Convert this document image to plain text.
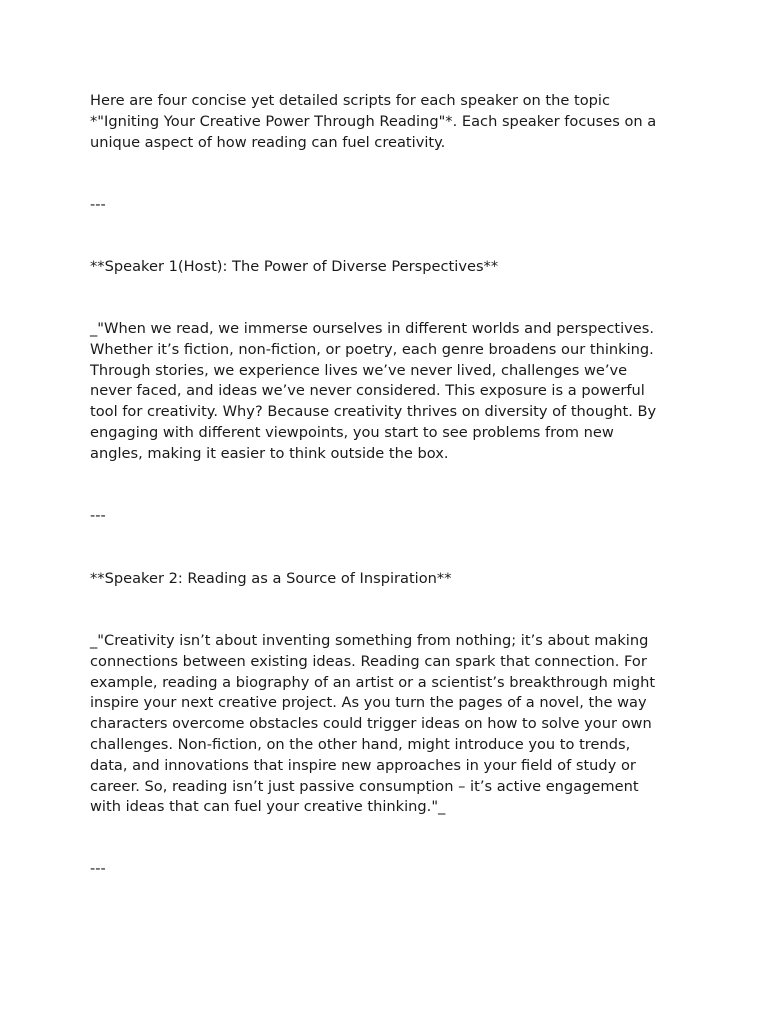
Here are four concise yet detailed scripts for each speaker on the topic
*"Igniting Your Creative Power Through Reading"*. Each speaker focuses on a
unique aspect of how reading can fuel creativity.
---
**Speaker 1(Host): The Power of Diverse Perspectives**
_"When we read, we immerse ourselves in different worlds and perspectives.
Whether it’s fiction, non-fiction, or poetry, each genre broadens our thinking.
Through stories, we experience lives we’ve never lived, challenges we’ve
never faced, and ideas we’ve never considered. This exposure is a powerful
tool for creativity. Why? Because creativity thrives on diversity of thought. By
engaging with different viewpoints, you start to see problems from new
angles, making it easier to think outside the box.
---
**Speaker 2: Reading as a Source of Inspiration**
_"Creativity isn’t about inventing something from nothing; it’s about making
connections between existing ideas. Reading can spark that connection. For
example, reading a biography of an artist or a scientist’s breakthrough might
inspire your next creative project. As you turn the pages of a novel, the way
characters overcome obstacles could trigger ideas on how to solve your own
challenges. Non-fiction, on the other hand, might introduce you to trends,
data, and innovations that inspire new approaches in your field of study or
career. So, reading isn’t just passive consumption – it’s active engagement
with ideas that can fuel your creative thinking."_
---
